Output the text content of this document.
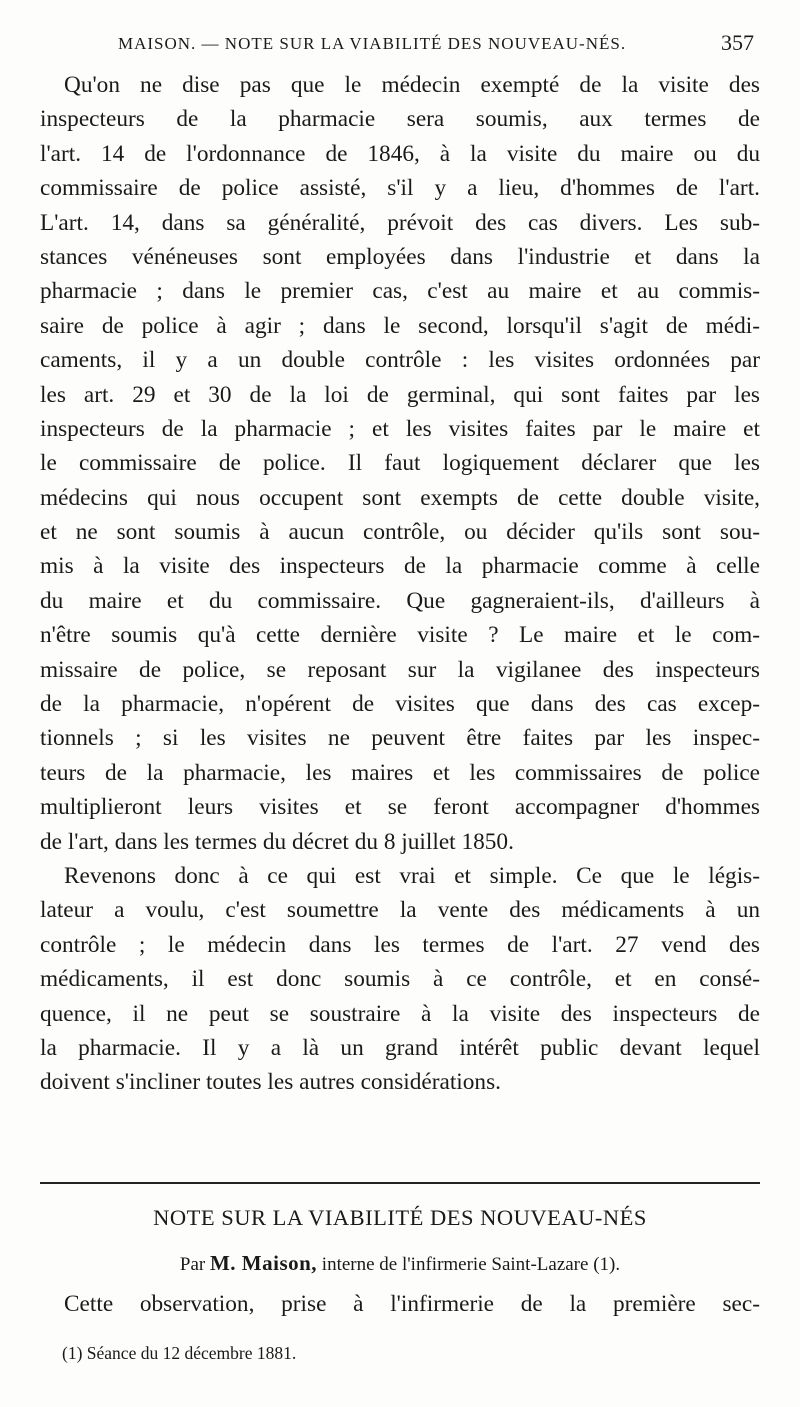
MAISON. — NOTE SUR LA VIABILITÉ DES NOUVEAU-NÉS.	357
Qu'on ne dise pas que le médecin exempté de la visite des
inspecteurs de la pharmacie sera soumis, aux termes de
l'art. 14 de l'ordonnance de 1846, à la visite du maire ou du
commissaire de police assisté, s'il y a lieu, d'hommes de l'art.
L'art. 14, dans sa généralité, prévoit des cas divers. Les sub-
stances vénéneuses sont employées dans l'industrie et dans la
pharmacie ; dans le premier cas, c'est au maire et au commis-
saire de police à agir ; dans le second, lorsqu'il s'agit de médi-
caments, il y a un double contrôle : les visites ordonnées par
les art. 29 et 30 de la loi de germinal, qui sont faites par les
inspecteurs de la pharmacie ; et les visites faites par le maire et
le commissaire de police. Il faut logiquement déclarer que les
médecins qui nous occupent sont exempts de cette double visite,
et ne sont soumis à aucun contrôle, ou décider qu'ils sont sou-
mis à la visite des inspecteurs de la pharmacie comme à celle
du maire et du commissaire. Que gagneraient-ils, d'ailleurs à
n'être soumis qu'à cette dernière visite ? Le maire et le com-
missaire de police, se reposant sur la vigilanee des inspecteurs
de la pharmacie, n'opérent de visites que dans des cas excep-
tionnels ; si les visites ne peuvent être faites par les inspec-
teurs de la pharmacie, les maires et les commissaires de police
multiplieront leurs visites et se feront accompagner d'hommes
de l'art, dans les termes du décret du 8 juillet 1850.
Revenons donc à ce qui est vrai et simple. Ce que le légis-
lateur a voulu, c'est soumettre la vente des médicaments à un
contrôle ; le médecin dans les termes de l'art. 27 vend des
médicaments, il est donc soumis à ce contrôle, et en consé-
quence, il ne peut se soustraire à la visite des inspecteurs de
la pharmacie. Il y a là un grand intérêt public devant lequel
doivent s'incliner toutes les autres considérations.
NOTE SUR LA VIABILITÉ DES NOUVEAU-NÉS
Par M. Maison, interne de l'infirmerie Saint-Lazare (1).
Cette observation, prise à l'infirmerie de la première sec-
(1) Séance du 12 décembre 1881.
